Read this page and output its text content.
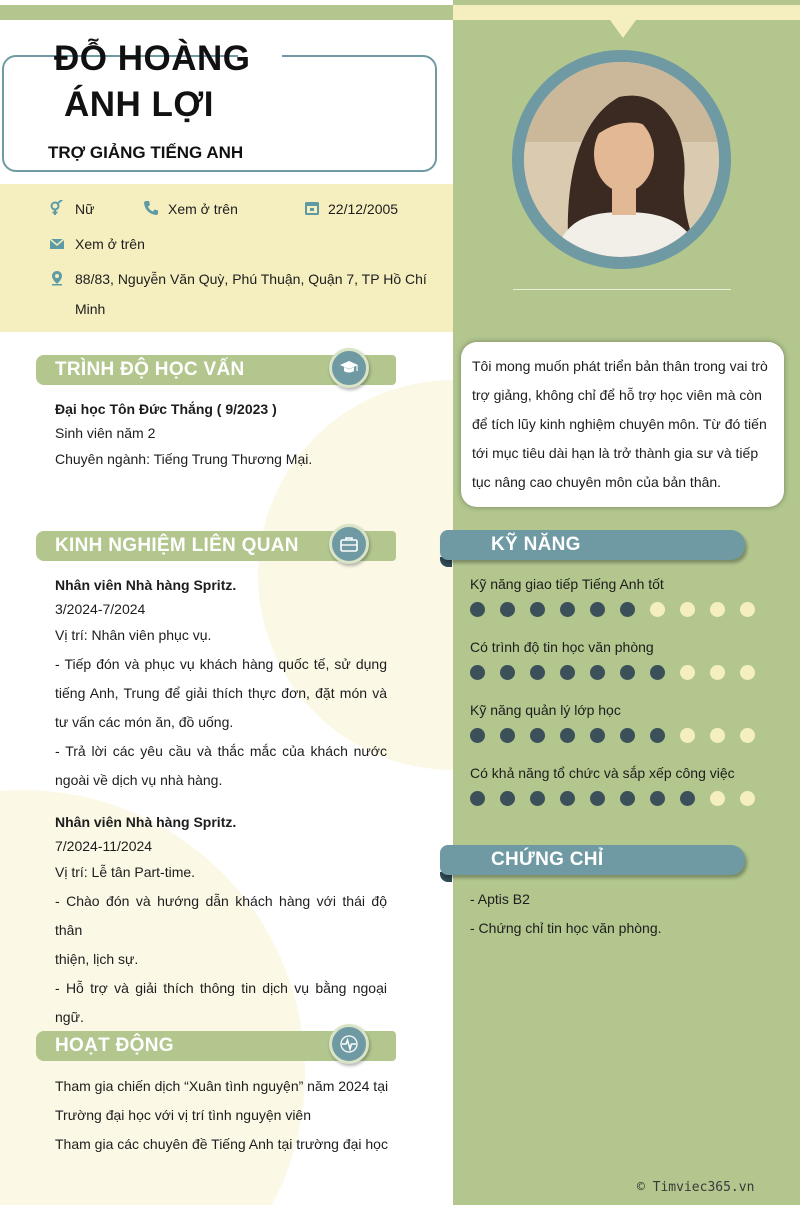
ĐỖ HOÀNG
ÁNH LỢI
TRỢ GIẢNG TIẾNG ANH
Nữ	Xem ở trên	22/12/2005
Xem ở trên
88/83, Nguyễn Văn Quỳ, Phú Thuận, Quận 7, TP Hồ Chí
Minh
Tôi mong muốn phát triển bản thân trong vai trò
trợ giảng, không chỉ để hỗ trợ học viên mà còn
để tích lũy kinh nghiệm chuyên môn. Từ đó tiến
tới mục tiêu dài hạn là trở thành gia sư và tiếp
tục nâng cao chuyên môn của bản thân.
TRÌNH ĐỘ HỌC VẤN
Đại học Tôn Đức Thắng ( 9/2023 )
Sinh viên năm 2
Chuyên ngành: Tiếng Trung Thương Mại.
KINH NGHIỆM LIÊN QUAN
Nhân viên Nhà hàng Spritz.
3/2024-7/2024
Vị trí: Nhân viên phục vụ.
- Tiếp đón và phục vụ khách hàng quốc tế, sử dụng
tiếng Anh, Trung để giải thích thực đơn, đặt món và
tư vấn các món ăn, đồ uống.
- Trả lời các yêu cầu và thắc mắc của khách nước
ngoài về dịch vụ nhà hàng.
Nhân viên Nhà hàng Spritz.
7/2024-11/2024
Vị trí: Lễ tân Part-time.
- Chào đón và hướng dẫn khách hàng với thái độ thân
thiện, lịch sự.
- Hỗ trợ và giải thích thông tin dịch vụ bằng ngoại
ngữ.
HOẠT ĐỘNG
Tham gia chiến dịch “Xuân tình nguyện” năm 2024 tại
Trường đại học với vị trí tình nguyện viên
Tham gia các chuyên đề Tiếng Anh tại trường đại học
KỸ NĂNG
Kỹ năng giao tiếp Tiếng Anh tốt
Có trình độ tin học văn phòng
Kỹ năng quản lý lớp học
Có khả năng tổ chức và sắp xếp công việc
CHỨNG CHỈ
- Aptis B2
- Chứng chỉ tin học văn phòng.
© Timviec365.vn
